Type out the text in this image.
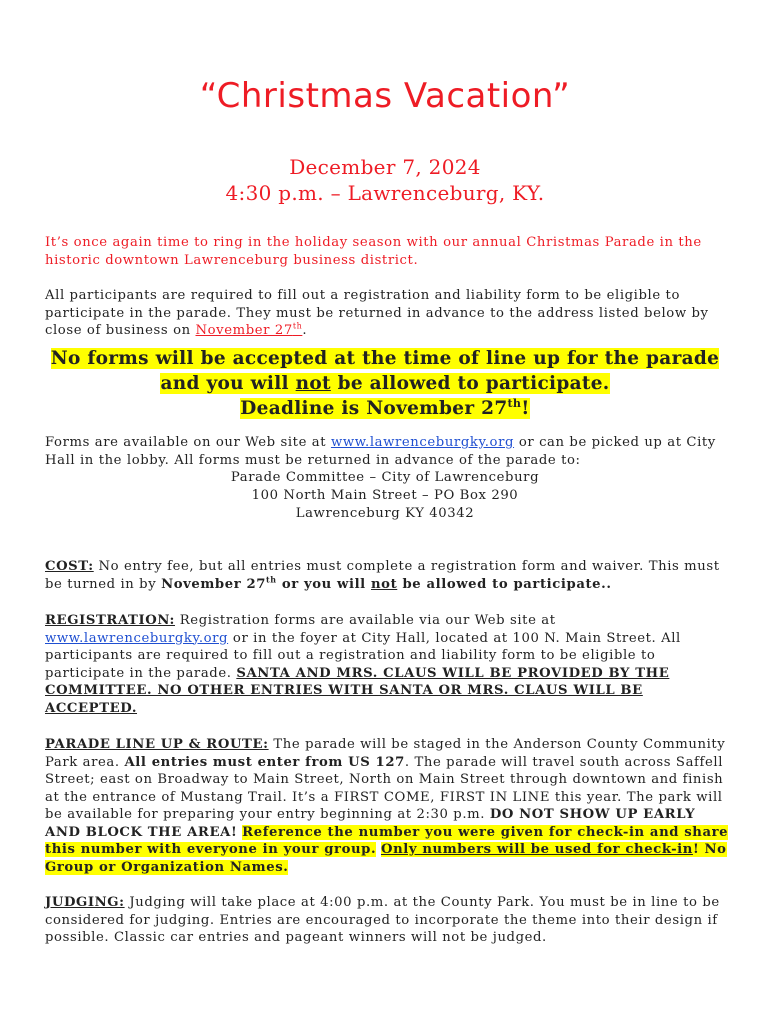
“Christmas Vacation”
December 7, 2024
4:30 p.m. – Lawrenceburg, KY.
It’s once again time to ring in the holiday season with our annual Christmas Parade in the historic downtown Lawrenceburg business district.
All participants are required to fill out a registration and liability form to be eligible to participate in the parade. They must be returned in advance to the address listed below by close of business on November 27th.
No forms will be accepted at the time of line up for the parade
and you will not be allowed to participate.
Deadline is November 27th!
Forms are available on our Web site at www.lawrenceburgky.org or can be picked up at City Hall in the lobby. All forms must be returned in advance of the parade to:
Parade Committee – City of Lawrenceburg
100 North Main Street – PO Box 290
Lawrenceburg KY 40342
COST: No entry fee, but all entries must complete a registration form and waiver. This must be turned in by November 27th or you will not be allowed to participate..
REGISTRATION: Registration forms are available via our Web site at www.lawrenceburgky.org or in the foyer at City Hall, located at 100 N. Main Street. All participants are required to fill out a registration and liability form to be eligible to participate in the parade. SANTA AND MRS. CLAUS WILL BE PROVIDED BY THE COMMITTEE. NO OTHER ENTRIES WITH SANTA OR MRS. CLAUS WILL BE ACCEPTED.
PARADE LINE UP & ROUTE: The parade will be staged in the Anderson County Community Park area. All entries must enter from US 127. The parade will travel south across Saffell Street; east on Broadway to Main Street, North on Main Street through downtown and finish at the entrance of Mustang Trail. It’s a FIRST COME, FIRST IN LINE this year. The park will be available for preparing your entry beginning at 2:30 p.m. DO NOT SHOW UP EARLY AND BLOCK THE AREA! Reference the number you were given for check-in and share this number with everyone in your group. Only numbers will be used for check-in! No Group or Organization Names.
JUDGING: Judging will take place at 4:00 p.m. at the County Park. You must be in line to be considered for judging. Entries are encouraged to incorporate the theme into their design if possible. Classic car entries and pageant winners will not be judged.
